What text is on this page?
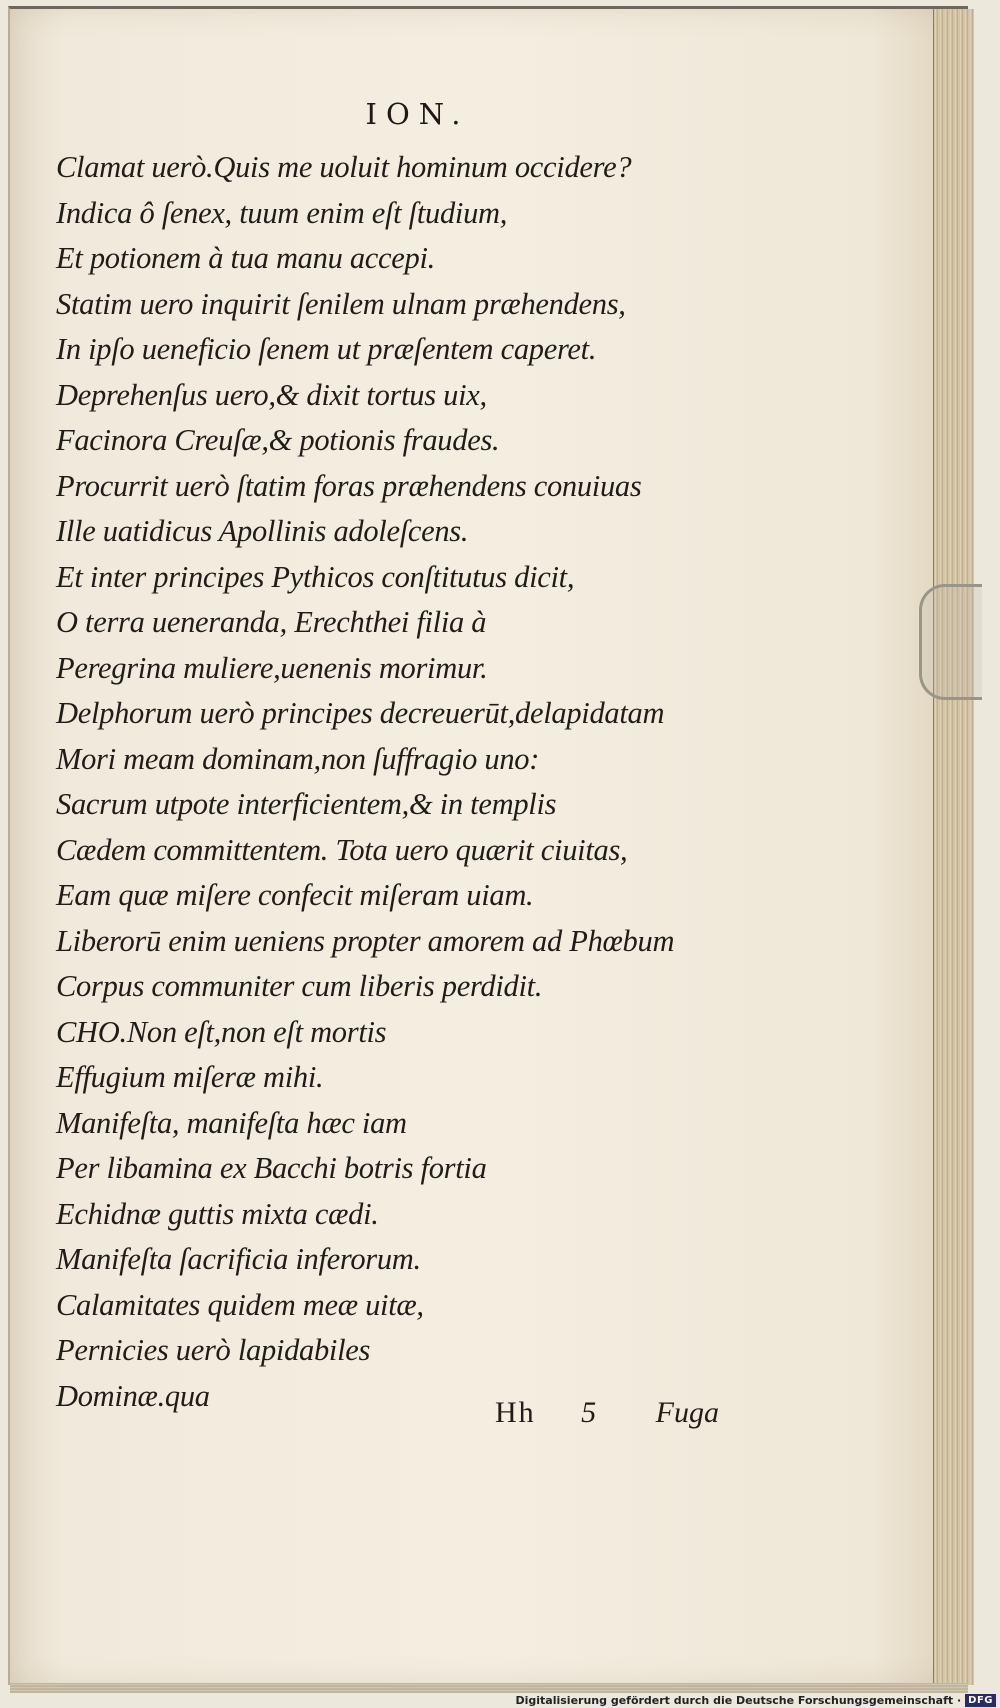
ION.
Clamat uerò.Quis me uoluit hominum occidere?
Indica ô ſenex, tuum enim eſt ſtudium,
Et potionem à tua manu accepi.
Statim uero inquirit ſenilem ulnam præhendens,
In ipſo ueneficio ſenem ut præſentem caperet.
Deprehenſus uero,& dixit tortus uix,
Facinora Creuſæ,& potionis fraudes.
Procurrit uerò ſtatim foras præhendens conuiuas
Ille uatidicus Apollinis adoleſcens.
Et inter principes Pythicos conſtitutus dicit,
O terra ueneranda, Erechthei filia à
Peregrina muliere,uenenis morimur.
Delphorum uerò principes decreuerūt,delapidatam
Mori meam dominam,non ſuffragio uno:
Sacrum utpote interficientem,& in templis
Cædem committentem. Tota uero quærit ciuitas,
Eam quæ miſere confecit miſeram uiam.
Liberorū enim ueniens propter amorem ad Phœbum
Corpus communiter cum liberis perdidit.
CHO.Non eſt,non eſt mortis
Effugium miſeræ mihi.
Manifeſta, manifeſta hæc iam
Per libamina ex Bacchi botris fortia
Echidnæ guttis mixta cædi.
Manifeſta ſacrificia inferorum.
Calamitates quidem meæ uitæ,
Pernicies uerò lapidabiles
Dominæ.qua	Hh 5 Fuga
Digitalisierung gefördert durch die Deutsche Forschungsgemeinschaft · DFG
